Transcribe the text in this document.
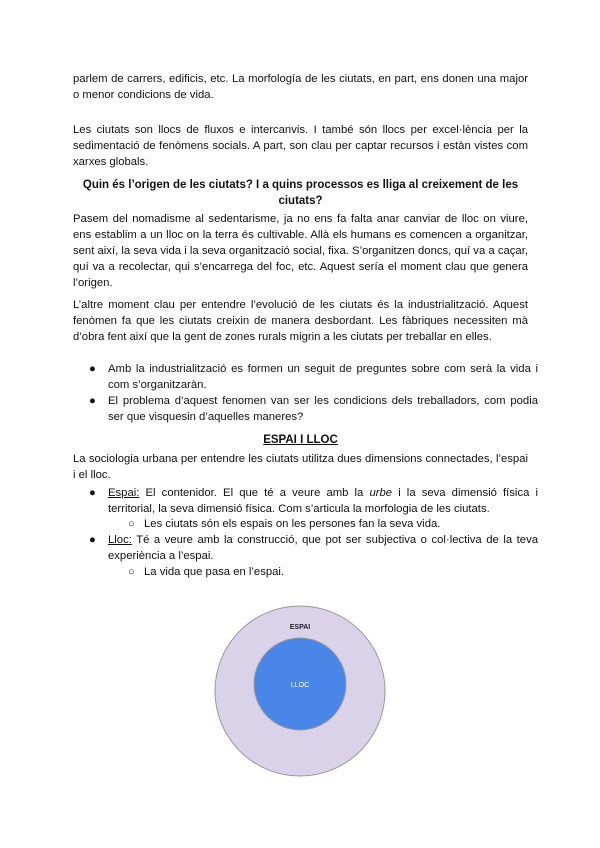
parlem de carrers, edificis, etc. La morfología de les ciutats, en part, ens donen una major o menor condicions de vida.

Les ciutats son llocs de fluxos e intercanvis. I també són llocs per excel·lència per la sedimentació de fenòmens socials. A part, son clau per captar recursos i estàn vistes com xarxes globals.

Quin és l’origen de les ciutats? I a quins processos es lliga al creixement de les ciutats?

Pasem del nomadisme al sedentarisme, ja no ens fa falta anar canviar de lloc on viure, ens establim a un lloc on la terra és cultivable. Allà els humans es comencen a organitzar, sent així, la seva vida i la seva organització social, fixa. S’organitzen doncs, quí va a caçar, quí va a recolectar, qui s’encarrega del foc, etc. Aquest sería el moment clau que genera l’origen.

L’altre moment clau per entendre l’evolució de les ciutats és la industrialització. Aquest fenòmen fa que les ciutats creixin de manera desbordant. Les fàbriques necessiten mà d’obra fent així que la gent de zones rurals migrin a les ciutats per treballar en elles.

● Amb la industrialització es formen un seguit de preguntes sobre com serà la vida i com s’organitzaràn.
● El problema d’aquest fenomen van ser les condicions dels treballadors, com podia ser que visquesin d’aquelles maneres?
ESPAI I LLOC

La sociologia urbana per entendre les ciutats utilitza dues dimensions connectades, l’espai i el lloc.

● Espai: El contenidor. El que té a veure amb la urbe i la seva dimensió física i territorial, la seva dimensió física. Com s’articula la morfologia de les ciutats.
○ Les ciutats són els espais on les persones fan la seva vida.
● Lloc: Té a veure amb la construcció, que pot ser subjectiva o col·lectiva de la teva experiència a l’espai.
○ La vida que pasa en l’espai.
ESPAI
LLOC
